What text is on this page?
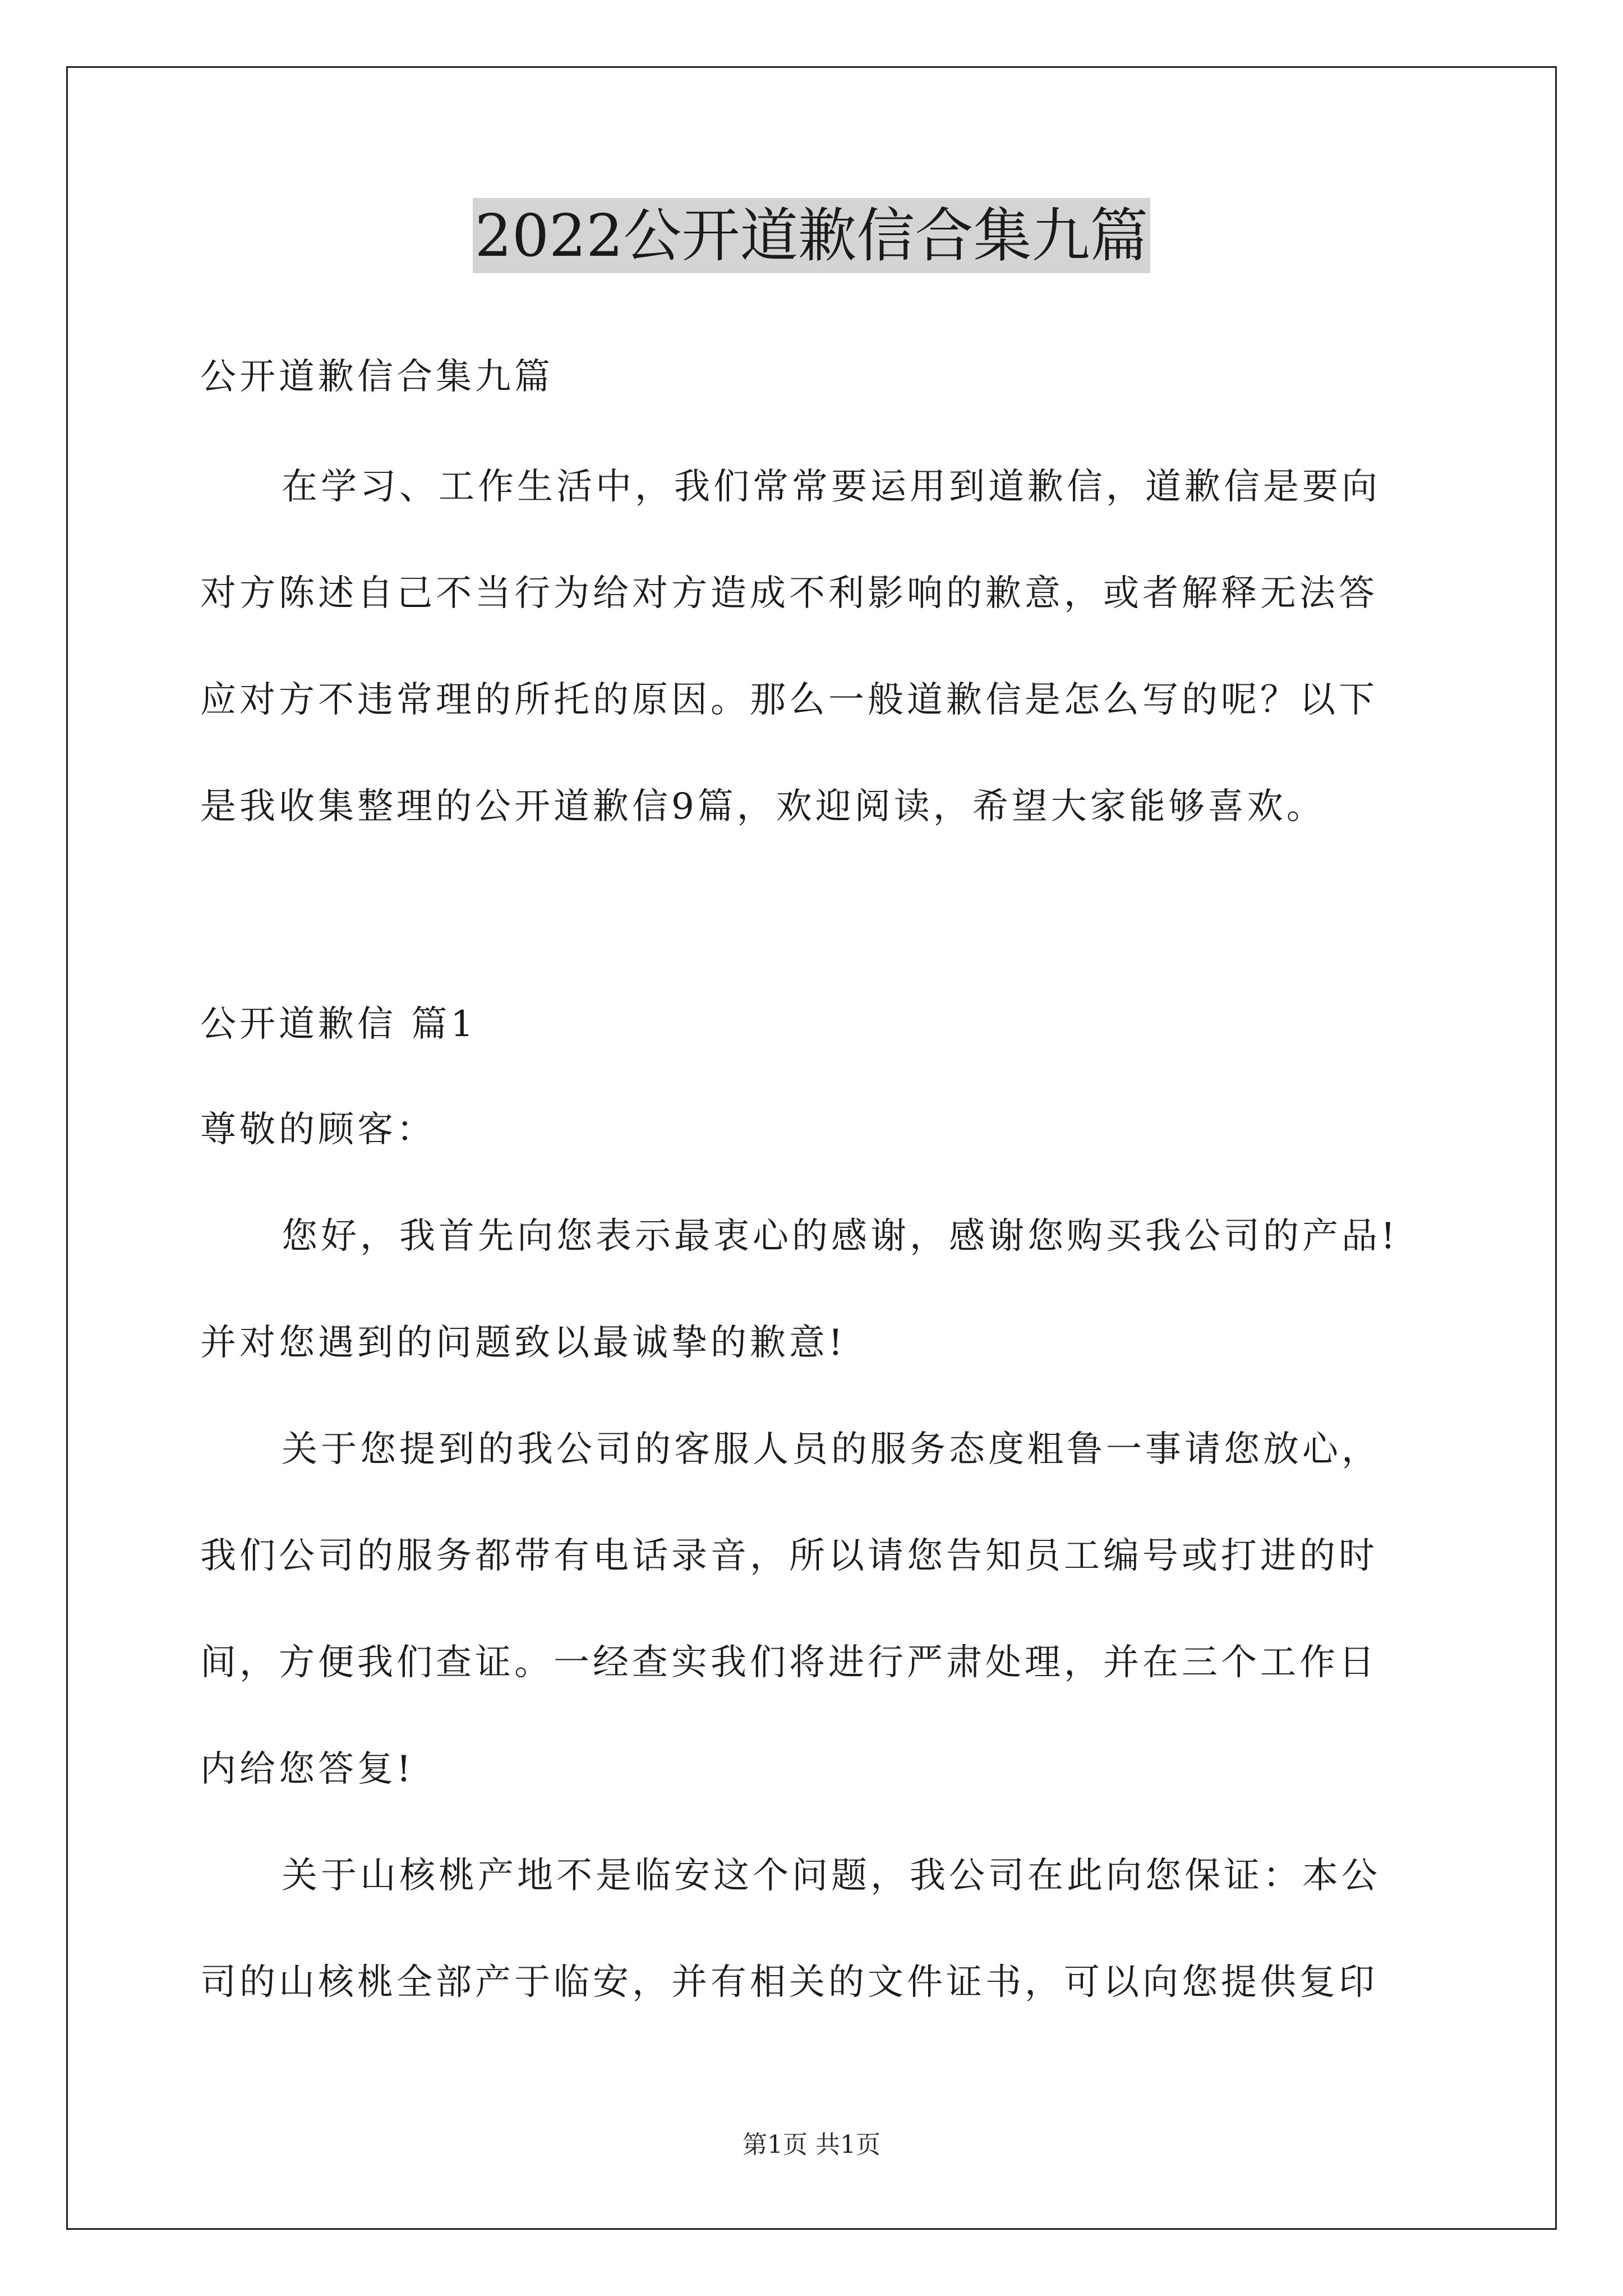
2022公开道歉信合集九篇

公开道歉信合集九篇

在学习、工作生活中，我们常常要运用到道歉信，道歉信是要向

对方陈述自己不当行为给对方造成不利影响的歉意，或者解释无法答

应对方不违常理的所托的原因。那么一般道歉信是怎么写的呢？以下

是我收集整理的公开道歉信9篇，欢迎阅读，希望大家能够喜欢。

公开道歉信 篇1

尊敬的顾客：

您好，我首先向您表示最衷心的感谢，感谢您购买我公司的产品!

并对您遇到的问题致以最诚挚的歉意!

关于您提到的我公司的客服人员的服务态度粗鲁一事请您放心，

我们公司的服务都带有电话录音，所以请您告知员工编号或打进的时

间，方便我们查证。一经查实我们将进行严肃处理，并在三个工作日

内给您答复!

关于山核桃产地不是临安这个问题，我公司在此向您保证：本公

司的山核桃全部产于临安，并有相关的文件证书，可以向您提供复印

第1页 共1页
